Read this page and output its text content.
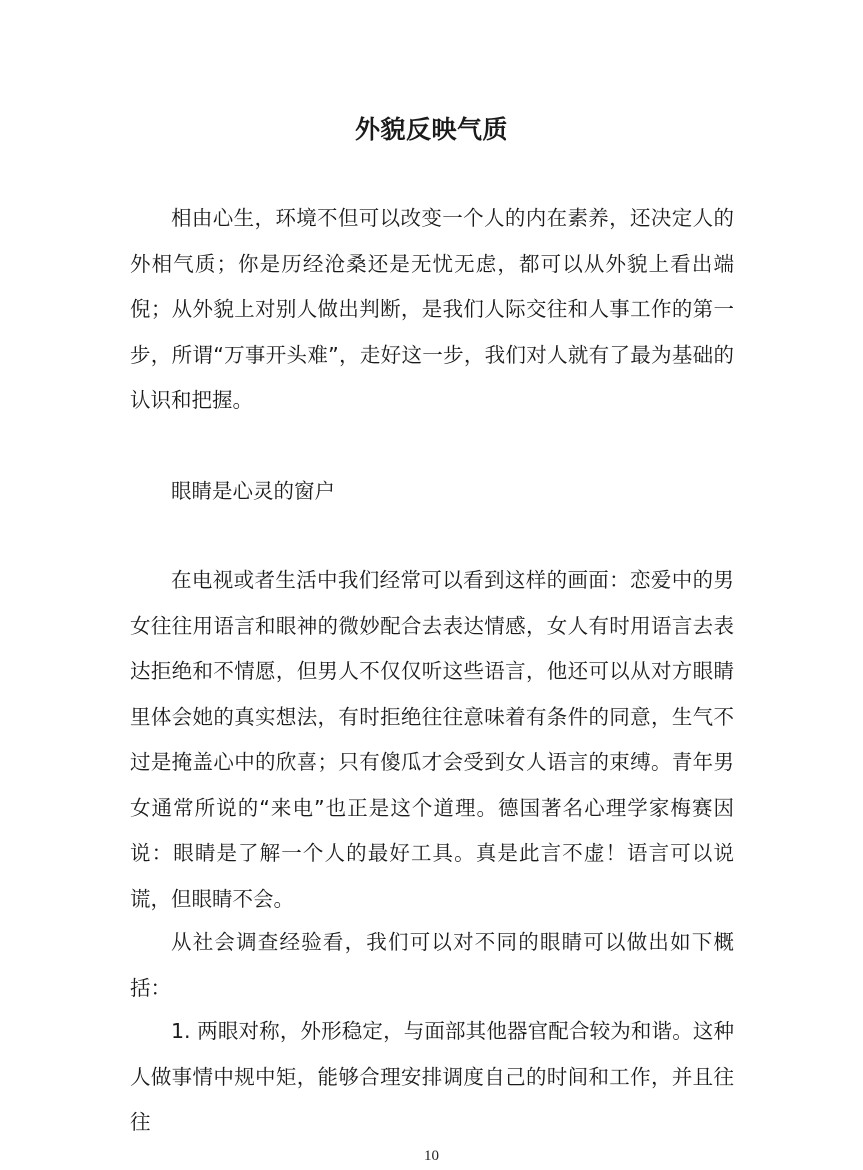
外貌反映气质

相由心生，环境不但可以改变一个人的内在素养，还决定人的外相气质；你是历经沧桑还是无忧无虑，都可以从外貌上看出端倪；从外貌上对别人做出判断，是我们人际交往和人事工作的第一步，所谓“万事开头难”，走好这一步，我们对人就有了最为基础的认识和把握。

眼睛是心灵的窗户

在电视或者生活中我们经常可以看到这样的画面：恋爱中的男女往往用语言和眼神的微妙配合去表达情感，女人有时用语言去表达拒绝和不情愿，但男人不仅仅听这些语言，他还可以从对方眼睛里体会她的真实想法，有时拒绝往往意味着有条件的同意，生气不过是掩盖心中的欣喜；只有傻瓜才会受到女人语言的束缚。青年男女通常所说的“来电”也正是这个道理。德国著名心理学家梅赛因说：眼睛是了解一个人的最好工具。真是此言不虚！语言可以说谎，但眼睛不会。

从社会调查经验看，我们可以对不同的眼睛可以做出如下概括：

1. 两眼对称，外形稳定，与面部其他器官配合较为和谐。这种人做事情中规中矩，能够合理安排调度自己的时间和工作，并且往往

10
